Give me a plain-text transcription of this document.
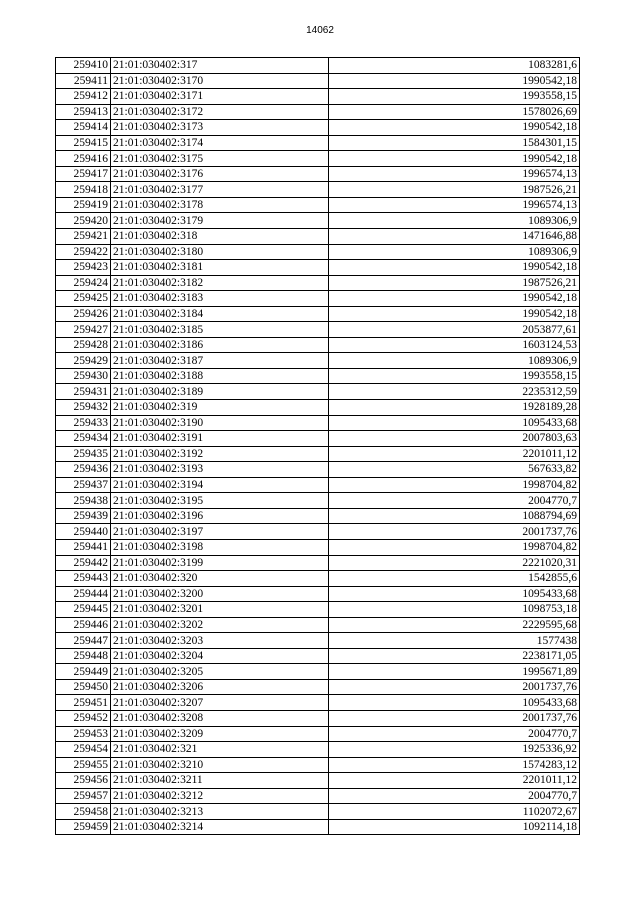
14062
259410	21:01:030402:317	1083281,6
259411	21:01:030402:3170	1990542,18
259412	21:01:030402:3171	1993558,15
259413	21:01:030402:3172	1578026,69
259414	21:01:030402:3173	1990542,18
259415	21:01:030402:3174	1584301,15
259416	21:01:030402:3175	1990542,18
259417	21:01:030402:3176	1996574,13
259418	21:01:030402:3177	1987526,21
259419	21:01:030402:3178	1996574,13
259420	21:01:030402:3179	1089306,9
259421	21:01:030402:318	1471646,88
259422	21:01:030402:3180	1089306,9
259423	21:01:030402:3181	1990542,18
259424	21:01:030402:3182	1987526,21
259425	21:01:030402:3183	1990542,18
259426	21:01:030402:3184	1990542,18
259427	21:01:030402:3185	2053877,61
259428	21:01:030402:3186	1603124,53
259429	21:01:030402:3187	1089306,9
259430	21:01:030402:3188	1993558,15
259431	21:01:030402:3189	2235312,59
259432	21:01:030402:319	1928189,28
259433	21:01:030402:3190	1095433,68
259434	21:01:030402:3191	2007803,63
259435	21:01:030402:3192	2201011,12
259436	21:01:030402:3193	567633,82
259437	21:01:030402:3194	1998704,82
259438	21:01:030402:3195	2004770,7
259439	21:01:030402:3196	1088794,69
259440	21:01:030402:3197	2001737,76
259441	21:01:030402:3198	1998704,82
259442	21:01:030402:3199	2221020,31
259443	21:01:030402:320	1542855,6
259444	21:01:030402:3200	1095433,68
259445	21:01:030402:3201	1098753,18
259446	21:01:030402:3202	2229595,68
259447	21:01:030402:3203	1577438
259448	21:01:030402:3204	2238171,05
259449	21:01:030402:3205	1995671,89
259450	21:01:030402:3206	2001737,76
259451	21:01:030402:3207	1095433,68
259452	21:01:030402:3208	2001737,76
259453	21:01:030402:3209	2004770,7
259454	21:01:030402:321	1925336,92
259455	21:01:030402:3210	1574283,12
259456	21:01:030402:3211	2201011,12
259457	21:01:030402:3212	2004770,7
259458	21:01:030402:3213	1102072,67
259459	21:01:030402:3214	1092114,18
